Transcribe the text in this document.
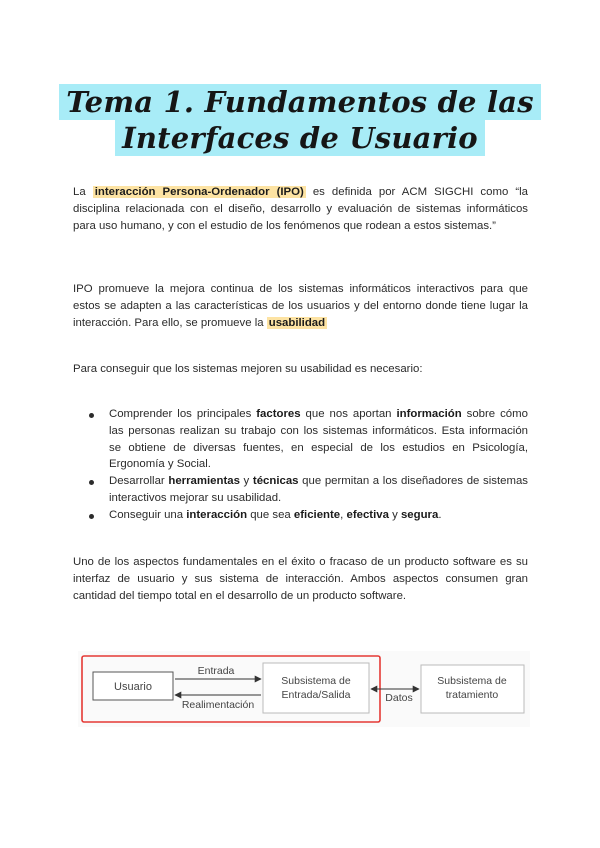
Tema 1. Fundamentos de las
Interfaces de Usuario

La interacción Persona-Ordenador (IPO) es definida por ACM SIGCHI como “la disciplina relacionada con el diseño, desarrollo y evaluación de sistemas informáticos para uso humano, y con el estudio de los fenómenos que rodean a estos sistemas.”

IPO promueve la mejora continua de los sistemas informáticos interactivos para que estos se adapten a las características de los usuarios y del entorno donde tiene lugar la interacción. Para ello, se promueve la usabilidad

Para conseguir que los sistemas mejoren su usabilidad es necesario:

Comprender los principales factores que nos aportan información sobre cómo las personas realizan su trabajo con los sistemas informáticos. Esta información se obtiene de diversas fuentes, en especial de los estudios en Psicología, Ergonomía y Social.
Desarrollar herramientas y técnicas que permitan a los diseñadores de sistemas interactivos mejorar su usabilidad.
Conseguir una interacción que sea eficiente, efectiva y segura.

Uno de los aspectos fundamentales en el éxito o fracaso de un producto software es su interfaz de usuario y sus sistema de interacción. Ambos aspectos consumen gran cantidad del tiempo total en el desarrollo de un producto software.

Usuario
Entrada
Realimentación
Subsistema de
Entrada/Salida	Datos
Subsistema de
tratamiento
